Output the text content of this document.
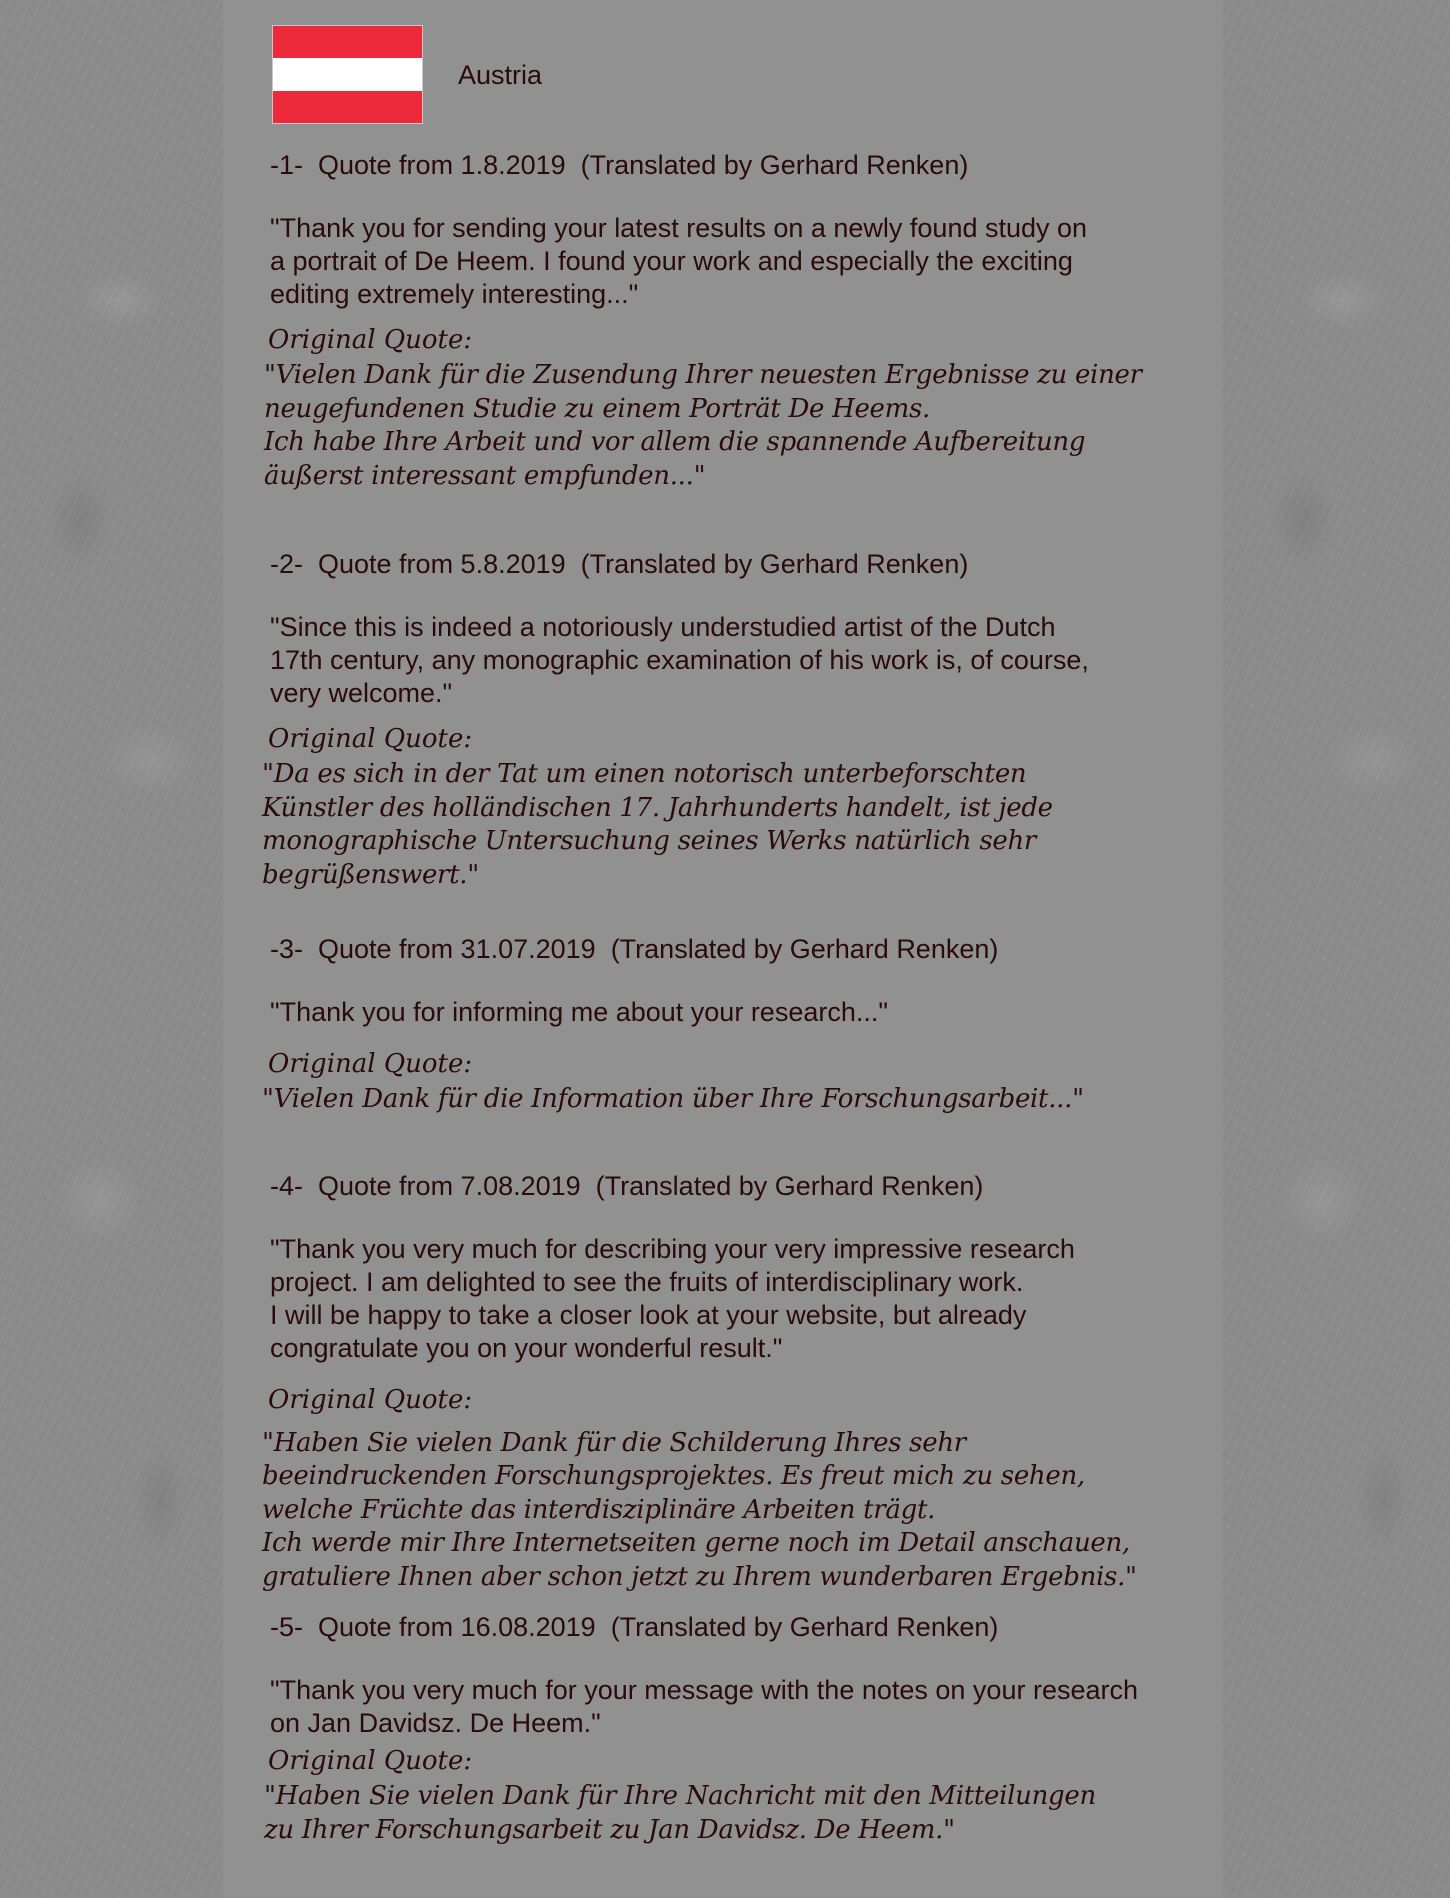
Austria
-1-  Quote from 1.8.2019  (Translated by Gerhard Renken)
"Thank you for sending your latest results on a newly found study on
a portrait of De Heem. I found your work and especially the exciting
editing extremely interesting..."
Original Quote:
"Vielen Dank für die Zusendung Ihrer neuesten Ergebnisse zu einer
neugefundenen Studie zu einem Porträt De Heems.
Ich habe Ihre Arbeit und vor allem die spannende Aufbereitung
äußerst interessant empfunden..."
-2-  Quote from 5.8.2019  (Translated by Gerhard Renken)
"Since this is indeed a notoriously understudied artist of the Dutch
17th century, any monographic examination of his work is, of course,
very welcome."
Original Quote:
"Da es sich in der Tat um einen notorisch unterbeforschten
Künstler des holländischen 17. Jahrhunderts handelt, ist jede
monographische Untersuchung seines Werks natürlich sehr
begrüßenswert."
-3-  Quote from 31.07.2019  (Translated by Gerhard Renken)
"Thank you for informing me about your research..."
Original Quote:
"Vielen Dank für die Information über Ihre Forschungsarbeit..."
-4-  Quote from 7.08.2019  (Translated by Gerhard Renken)
"Thank you very much for describing your very impressive research
project. I am delighted to see the fruits of interdisciplinary work.
I will be happy to take a closer look at your website, but already
congratulate you on your wonderful result."
Original Quote:
"Haben Sie vielen Dank für die Schilderung Ihres sehr
beeindruckenden Forschungsprojektes. Es freut mich zu sehen,
welche Früchte das interdisziplinäre Arbeiten trägt.
Ich werde mir Ihre Internetseiten gerne noch im Detail anschauen,
gratuliere Ihnen aber schon jetzt zu Ihrem wunderbaren Ergebnis."
-5-  Quote from 16.08.2019  (Translated by Gerhard Renken)
"Thank you very much for your message with the notes on your research
on Jan Davidsz. De Heem."
Original Quote:
"Haben Sie vielen Dank für Ihre Nachricht mit den Mitteilungen
zu Ihrer Forschungsarbeit zu Jan Davidsz. De Heem."
